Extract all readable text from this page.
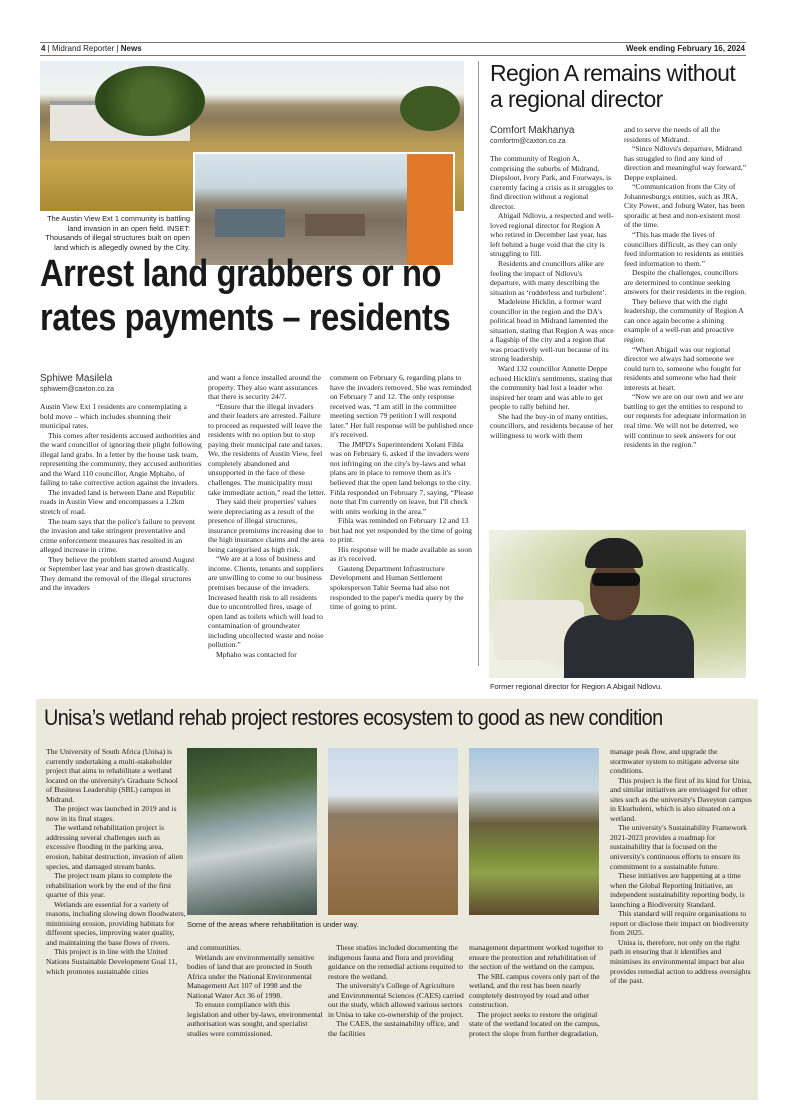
4 | Midrand Reporter | News	Week ending February 16, 2024
The Austin View Ext 1 community is battling land invasion in an open field. INSET: Thousands of illegal structures built on open land which is allegedly owned by the City.
Arrest land grabbers or no rates payments – residents
Sphiwe Masilela
sphiwem@caxton.co.za

Austin View Ext 1 residents are contemplating a bold move – which includes shunning their municipal rates.

This comes after residents accused authorities and the ward councillor of ignoring their plight following illegal land grabs. In a letter by the house task team, representing the community, they accused authorities and the Ward 110 councillor, Angie Mphaho, of failing to take corrective action against the invaders.

The invaded land is between Dane and Republic roads in Austin View and encompasses a 1.2km stretch of road.

The team says that the police's failure to prevent the invasion and take stringent preventative and crime enforcement measures has resulted in an alleged increase in crime.

They believe the problem started around August or September last year and has grown drastically. They demand the removal of the illegal structures and the invaders

and want a fence installed around the property. They also want assurances that there is security 24/7.

“Ensure that the illegal invaders and their leaders are arrested. Failure to proceed as requested will leave the residents with no option but to stop paying their municipal rate and taxes. We, the residents of Austin View, feel completely abandoned and unsupported in the face of these challenges. The municipality must take immediate action,” read the letter.

They said their properties' values were depreciating as a result of the presence of illegal structures, insurance premiums increasing due to the high insurance claims and the area being categorised as high risk.

“We are at a loss of business and income. Clients, tenants and suppliers are unwilling to come to our business premises because of the invaders. Increased health risk to all residents due to uncontrolled fires, usage of open land as toilets which will lead to contamination of groundwater including uncollected waste and noise pollution.”

Mphaho was contacted for

comment on February 6, regarding plans to have the invaders removed. She was reminded on February 7 and 12. The only response received was, “I am still in the committee meeting section 79 petition I will respond later.” Her full response will be published once it's received.

The JMPD's Superintendent Xolani Fihla was on February 6, asked if the invaders were not infringing on the city's by-laws and what plans are in place to remove them as it's believed that the open land belongs to the city. Fihla responded on February 7, saying, “Please note that I'm currently on leave, but I'll check with units working in the area.”

Fihla was reminded on February 12 and 13 but had not yet responded by the time of going to print.

His response will be made available as soon as it's received.

Gauteng Department Infrastructure Development and Human Settlement spokesperson Tahir Seema had also not responded to the paper's media query by the time of going to print.

Region A remains without a regional director
Comfort Makhanya
comfortm@caxton.co.za

The community of Region A, comprising the suburbs of Midrand, Diepsloot, Ivory Park, and Fourways, is currently facing a crisis as it struggles to find direction without a regional director.

Abigail Ndlovu, a respected and well-loved regional director for Region A who retired in December last year, has left behind a huge void that the city is struggling to fill.

Residents and councillors alike are feeling the impact of Ndlovu's departure, with many describing the situation as ‘rudderless and turbulent’.

Madeleine Hicklin, a former ward councillor in the region and the DA's political head in Midrand lamented the situation, stating that Region A was once a flagship of the city and a region that was proactively well-run because of its strong leadership.

Ward 132 councillor Annette Deppe echoed Hicklin's sentiments, stating that the community had lost a leader who inspired her team and was able to get people to rally behind her.

She had the buy-in of many entities, councillors, and residents because of her willingness to work with them

and to serve the needs of all the residents of Midrand.

“Since Ndlovu's departure, Midrand has struggled to find any kind of direction and meaningful way forward,” Deppe explained.

“Communication from the City of Johannesburg;s entities, such as JRA, City Power, and Joburg Water, has been sporadic at best and non-existent most of the time.

“This has made the lives of councillors difficult, as they can only feed information to residents as entities feed information to them.”

Despite the challenges, councillors are determined to continue seeking answers for their residents in the region.

They believe that with the right leadership, the community of Region A can once again become a shining example of a well-run and proactive region.

“When Abigail was our regional director we always had someone we could turn to, someone who fought for residents and someone who had their interests at heart.

“Now we are on our own and we are battling to get the entities to respond to our requests for adequate information in real time. We will not be deterred, we will continue to seek answers for our residents in the region.”

Former regional director for Region A Abigail Ndlovu.
Unisa’s wetland rehab project restores ecosystem to good as new condition

The University of South Africa (Unisa) is currently undertaking a multi-stakeholder project that aims to rehabilitate a wetland located on the university's Graduate School of Business Leadership (SBL) campus in Midrand.

The project was launched in 2019 and is now in its final stages.

The wetland rehabilitation project is addressing several challenges such as excessive flooding in the parking area, erosion, habitat destruction, invasion of alien species, and damaged stream banks.

The project team plans to complete the rehabilitation work by the end of the first quarter of this year.

Wetlands are essential for a variety of reasons, including slowing down floodwaters, minimising erosion, providing habitats for different species, improving water quality, and maintaining the base flows of rivers.

This project is in line with the United Nations Sustainable Development Goal 11, which promotes sustainable cities

Some of the areas where rehabilitation is under way.

and communities.

Wetlands are environmentally sensitive bodies of land that are protected in South Africa under the National Environmental Management Act 107 of 1998 and the National Water Act 36 of 1998.

To ensure compliance with this legislation and other by-laws, environmental authorisation was sought, and specialist studies were commissioned.

These studies included documenting the indigenous fauna and flora and providing guidance on the remedial actions required to restore the wetland.

The university's College of Agriculture and Environmental Sciences (CAES) carried out the study, which allowed various sectors in Unisa to take co-ownership of the project.

The CAES, the sustainability office, and the facilities

management department worked together to ensure the protection and rehabilitation of the section of the wetland on the campus.

The SBL campus covers only part of the wetland, and the rest has been nearly completely destroyed by road and other construction.

The project seeks to restore the original state of the wetland located on the campus, protect the slope from further degradation,

manage peak flow, and upgrade the stormwater system to mitigate adverse site conditions.

This project is the first of its kind for Unisa, and similar initiatives are envisaged for other sites such as the university's Daveyton campus in Ekurhuleni, which is also situated on a wetland.

The university's Sustainability Framework 2021-2023 provides a roadmap for sustainability that is focused on the university's continuous efforts to ensure its commitment to a sustainable future.

These initiatives are happening at a time when the Global Reporting Initiative, an independent sustainability reporting body, is launching a Biodiversity Standard.

This standard will require organisations to report or disclose their impact on biodiversity from 2025.

Unisa is, therefore, not only on the right path in ensuring that it identifies and minimises its environmental impact but also provides remedial action to address oversights of the past.
